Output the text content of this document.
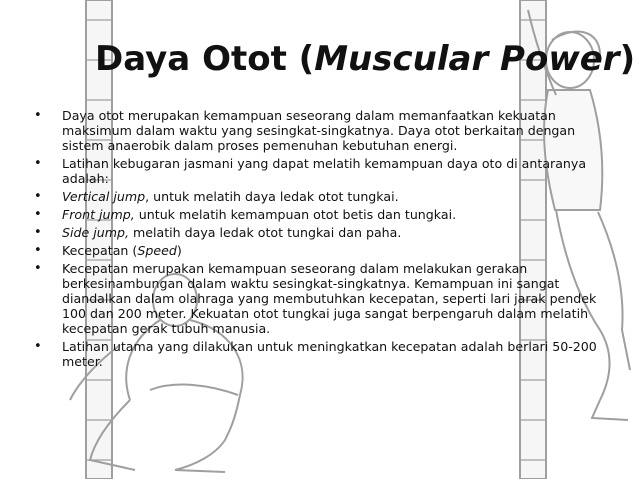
Daya Otot (Muscular Power)
• Daya otot merupakan kemampuan seseorang dalam memanfaatkan kekuatan maksimum dalam waktu yang sesingkat-singkatnya. Daya otot berkaitan dengan sistem anaerobik dalam proses pemenuhan kebutuhan energi.
• Latihan kebugaran jasmani yang dapat melatih kemampuan daya oto di antaranya adalah:
• Vertical jump, untuk melatih daya ledak otot tungkai.
• Front jump, untuk melatih kemampuan otot betis dan tungkai.
• Side jump, melatih daya ledak otot tungkai dan paha.
• Kecepatan (Speed)
• Kecepatan merupakan kemampuan seseorang dalam melakukan gerakan berkesinambungan dalam waktu sesingkat-singkatnya. Kemampuan ini sangat diandalkan dalam olahraga yang membutuhkan kecepatan, seperti lari jarak pendek 100 dan 200 meter. Kekuatan otot tungkai juga sangat berpengaruh dalam melatih kecepatan gerak tubuh manusia.
• Latihan utama yang dilakukan untuk meningkatkan kecepatan adalah berlari 50-200 meter.
